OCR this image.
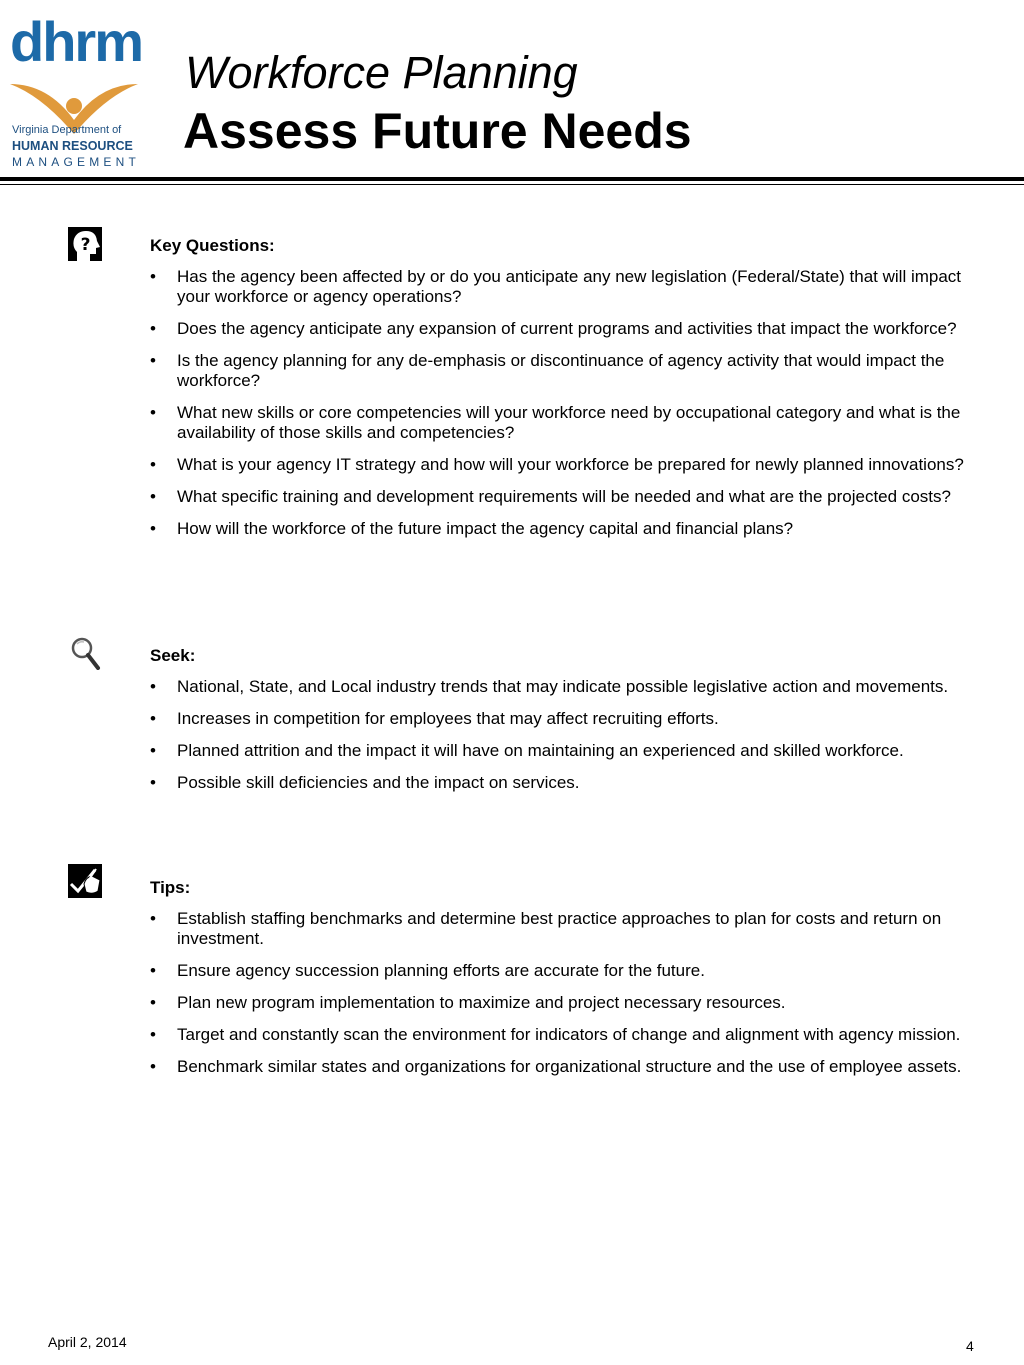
dhrm
Virginia Department of
HUMAN RESOURCE
MANAGEMENT
Workforce Planning
Assess Future Needs
?	Key Questions:
• Has the agency been affected by or do you anticipate any new legislation (Federal/State) that will impact your workforce or agency operations?
• Does the agency anticipate any expansion of current programs and activities that impact the workforce?
• Is the agency planning for any de-emphasis or discontinuance of agency activity that would impact the workforce?
• What new skills or core competencies will your workforce need by occupational category and what is the availability of those skills and competencies?
• What is your agency IT strategy and how will your workforce be prepared for newly planned innovations?
• What specific training and development requirements will be needed and what are the projected costs?
• How will the workforce of the future impact the agency capital and financial plans?
Seek:
• National, State, and Local industry trends that may indicate possible legislative action and movements.
• Increases in competition for employees that may affect recruiting efforts.
• Planned attrition and the impact it will have on maintaining an experienced and skilled workforce.
• Possible skill deficiencies and the impact on services.
Tips:
• Establish staffing benchmarks and determine best practice approaches to plan for costs and return on investment.
• Ensure agency succession planning efforts are accurate for the future.
• Plan new program implementation to maximize and project necessary resources.
• Target and constantly scan the environment for indicators of change and alignment with agency mission.
• Benchmark similar states and organizations for organizational structure and the use of employee assets.
April 2, 2014	4
